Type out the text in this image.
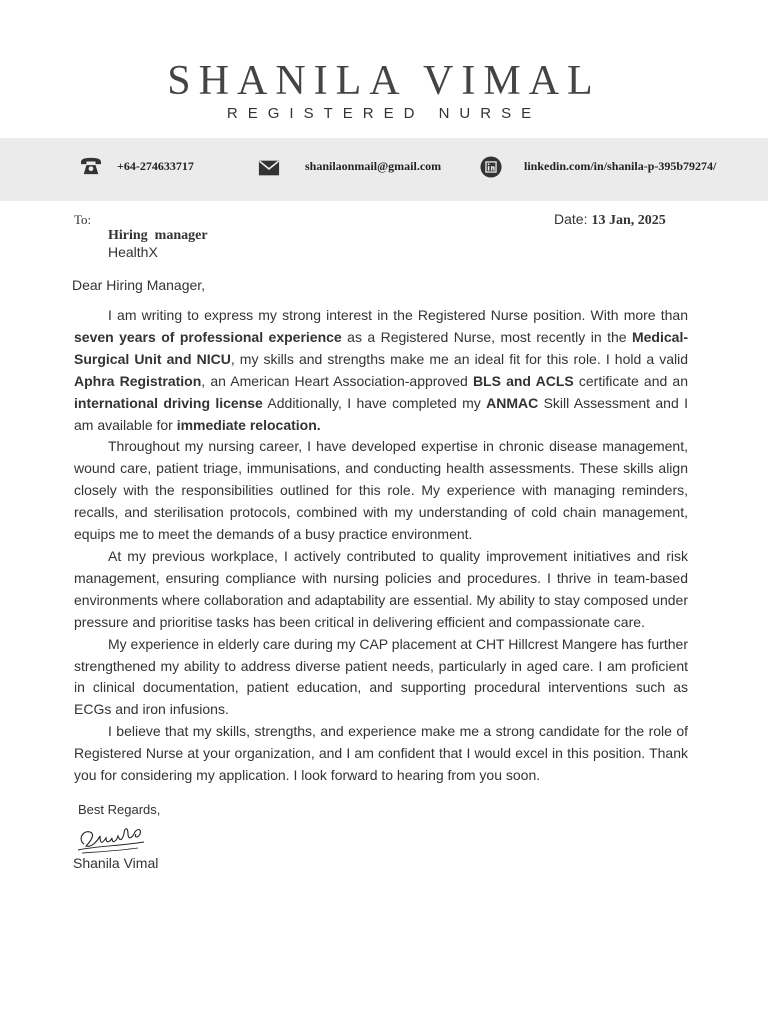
SHANILA VIMAL
REGISTERED NURSE
+64-274633717	shanilaonmail@gmail.com	linkedin.com/in/shanila-p-395b79274/
To:	Date: 13 Jan, 2025
Hiring  manager
HealthX
Dear Hiring Manager,

I am writing to express my strong interest in the Registered Nurse position. With more than seven years of professional experience as a Registered Nurse, most recently in the Medical-Surgical Unit and NICU, my skills and strengths make me an ideal fit for this role. I hold a valid Aphra Registration, an American Heart Association-approved BLS and ACLS certificate and an international driving license Additionally, I have completed my ANMAC Skill Assessment and I am available for immediate relocation.

Throughout my nursing career, I have developed expertise in chronic disease management, wound care, patient triage, immunisations, and conducting health assessments. These skills align closely with the responsibilities outlined for this role. My experience with managing reminders, recalls, and sterilisation protocols, combined with my understanding of cold chain management, equips me to meet the demands of a busy practice environment.

At my previous workplace, I actively contributed to quality improvement initiatives and risk management, ensuring compliance with nursing policies and procedures. I thrive in team-based environments where collaboration and adaptability are essential. My ability to stay composed under pressure and prioritise tasks has been critical in delivering efficient and compassionate care.

My experience in elderly care during my CAP placement at CHT Hillcrest Mangere has further strengthened my ability to address diverse patient needs, particularly in aged care. I am proficient in clinical documentation, patient education, and supporting procedural interventions such as ECGs and iron infusions.

I believe that my skills, strengths, and experience make me a strong candidate for the role of Registered Nurse at your organization, and I am confident that I would excel in this position. Thank you for considering my application. I look forward to hearing from you soon.

Best Regards,
Shanila Vimal
